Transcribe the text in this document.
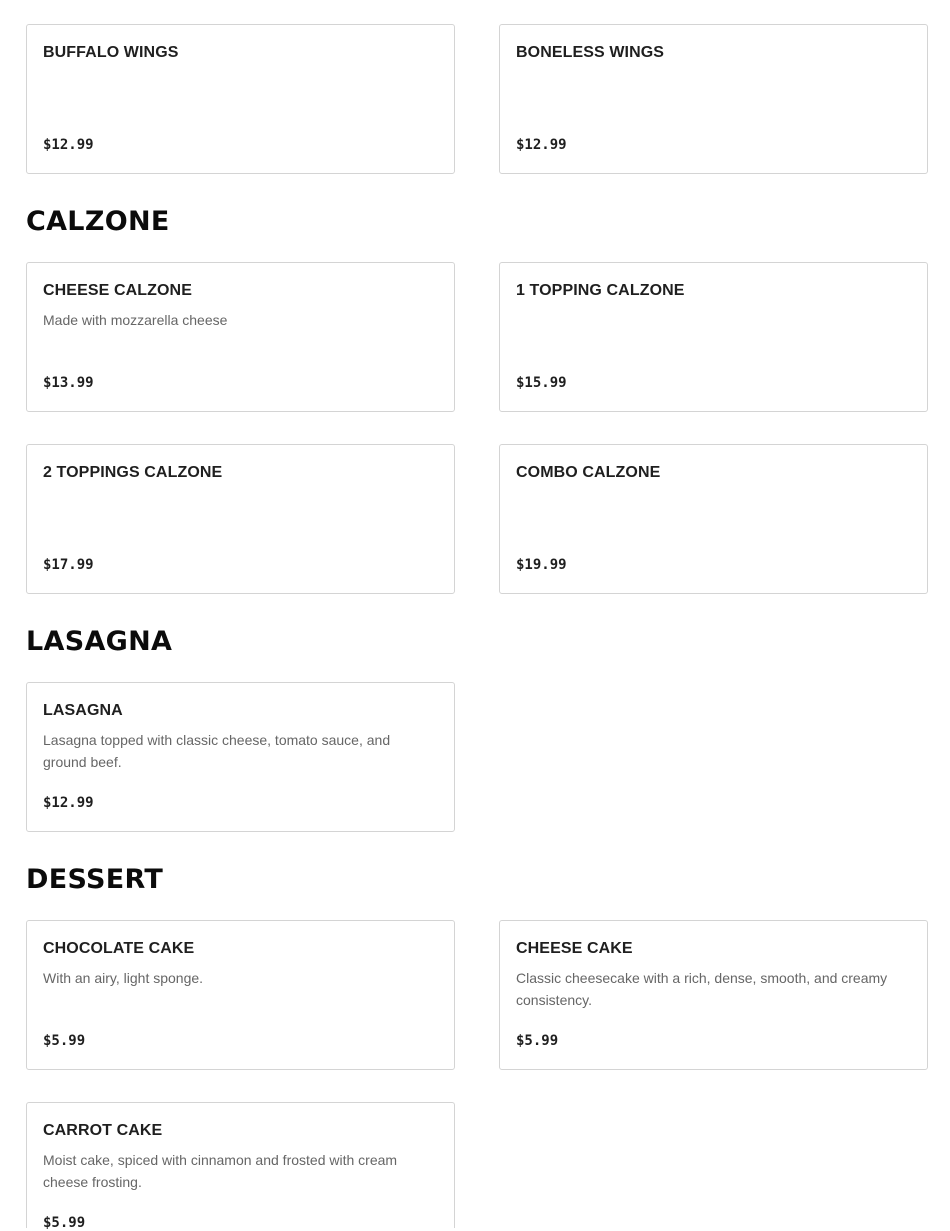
BUFFALO WINGS
$12.99
BONELESS WINGS
$12.99
CALZONE
CHEESE CALZONE
Made with mozzarella cheese
$13.99
1 TOPPING CALZONE
$15.99
2 TOPPINGS CALZONE
$17.99
COMBO CALZONE
$19.99
LASAGNA
LASAGNA
Lasagna topped with classic cheese, tomato sauce, and ground beef.
$12.99
DESSERT
CHOCOLATE CAKE
With an airy, light sponge.
$5.99
CHEESE CAKE
Classic cheesecake with a rich, dense, smooth, and creamy consistency.
$5.99
CARROT CAKE
Moist cake, spiced with cinnamon and frosted with cream cheese frosting.
$5.99
